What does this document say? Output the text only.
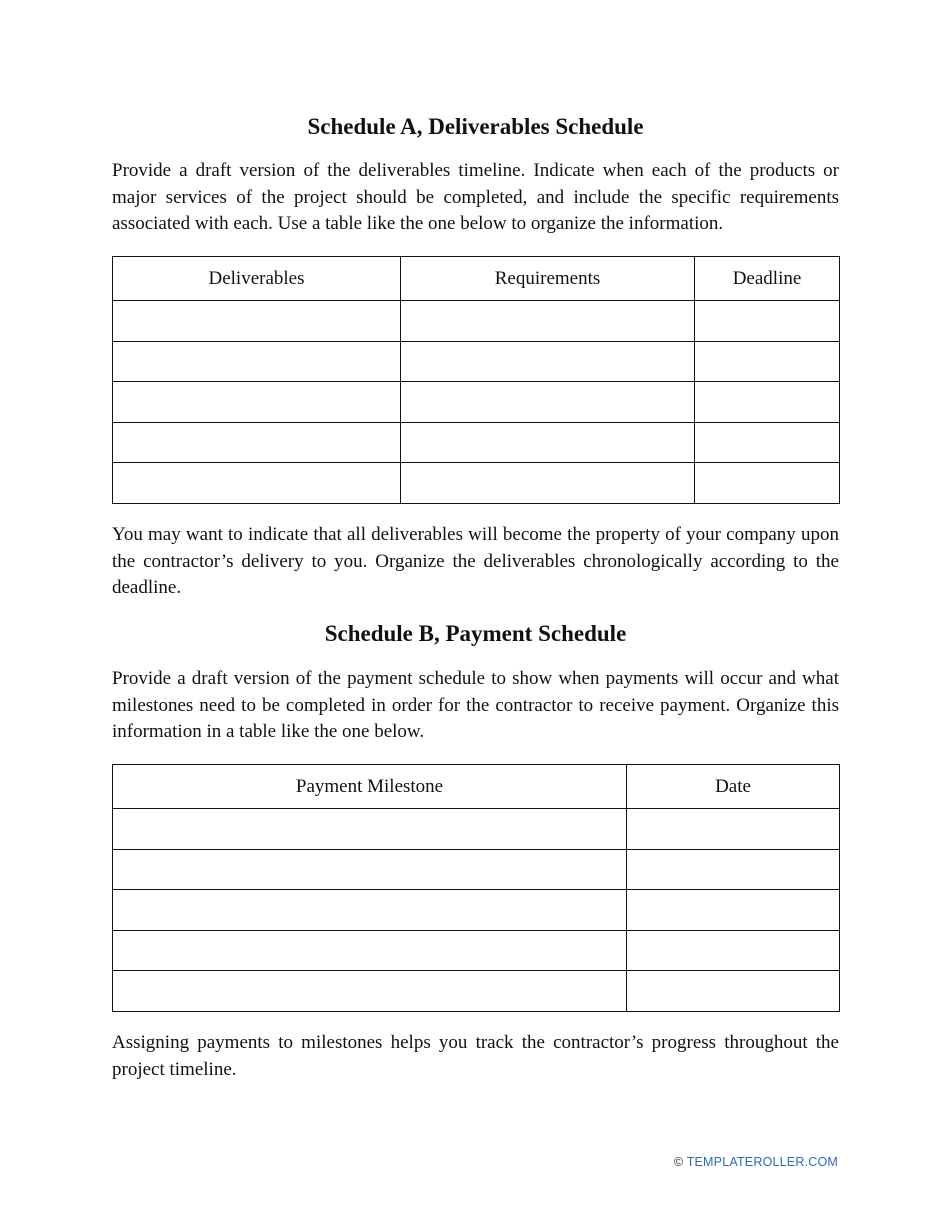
Schedule A, Deliverables Schedule

Provide a draft version of the deliverables timeline. Indicate when each of the products or major services of the project should be completed, and include the specific requirements associated with each. Use a table like the one below to organize the information.

Deliverables	Requirements	Deadline

You may want to indicate that all deliverables will become the property of your company upon the contractor’s delivery to you. Organize the deliverables chronologically according to the deadline.

Schedule B, Payment Schedule

Provide a draft version of the payment schedule to show when payments will occur and what milestones need to be completed in order for the contractor to receive payment. Organize this information in a table like the one below.

Payment Milestone	Date

Assigning payments to milestones helps you track the contractor’s progress throughout the project timeline.

© TEMPLATEROLLER.COM
